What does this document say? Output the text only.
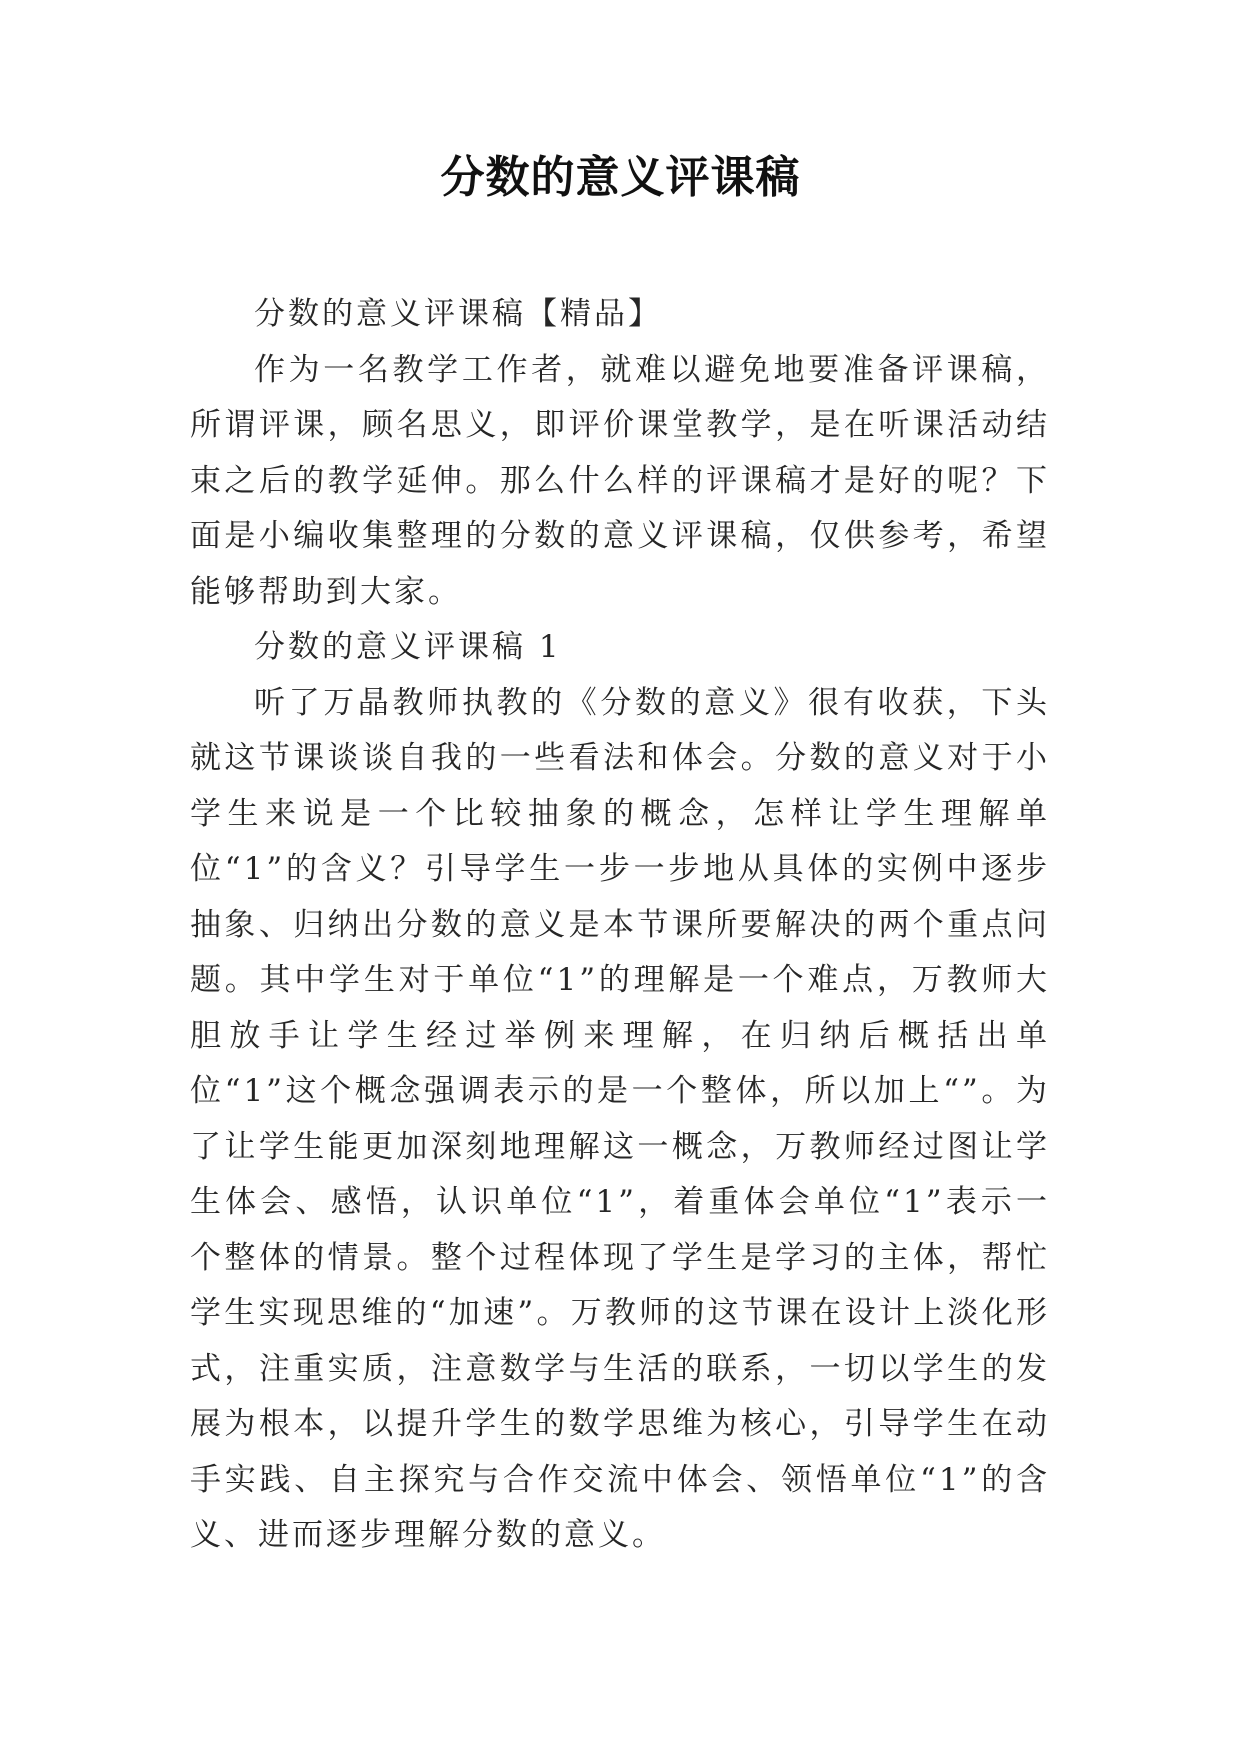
分数的意义评课稿

分数的意义评课稿【精品】

作为一名教学工作者，就难以避免地要准备评课稿，所谓评课，顾名思义，即评价课堂教学，是在听课活动结束之后的教学延伸。那么什么样的评课稿才是好的呢？下面是小编收集整理的分数的意义评课稿，仅供参考，希望能够帮助到大家。

分数的意义评课稿 1

听了万晶教师执教的《分数的意义》很有收获，下头就这节课谈谈自我的一些看法和体会。分数的意义对于小学生来说是一个比较抽象的概念，怎样让学生理解单位“1”的含义？引导学生一步一步地从具体的实例中逐步抽象、归纳出分数的意义是本节课所要解决的两个重点问题。其中学生对于单位“1”的理解是一个难点，万教师大胆放手让学生经过举例来理解，在归纳后概括出单位“1”这个概念强调表示的是一个整体，所以加上“”。为了让学生能更加深刻地理解这一概念，万教师经过图让学生体会、感悟，认识单位“1”，着重体会单位“1”表示一个整体的情景。整个过程体现了学生是学习的主体，帮忙学生实现思维的“加速”。万教师的这节课在设计上淡化形式，注重实质，注意数学与生活的联系，一切以学生的发展为根本，以提升学生的数学思维为核心，引导学生在动手实践、自主探究与合作交流中体会、领悟单位“1”的含义、进而逐步理解分数的意义。
